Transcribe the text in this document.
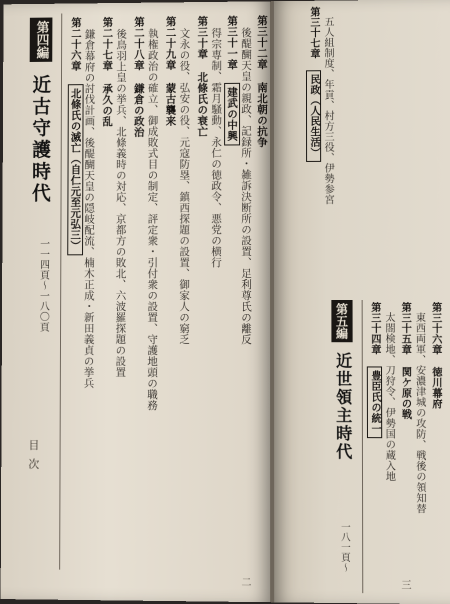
第四編
近古守護時代
一一四頁〜一八〇頁
第二十六章 北條氏の滅亡（自仁元至元弘三） 鎌倉幕府の討伐計画、後醍醐天皇の隠岐配流、楠木正成・新田義貞の挙兵 第二十七章 承久の乱 後鳥羽上皇の挙兵、北條義時の対応、京都方の敗北、六波羅探題の設置 第二十八章 鎌倉の政治 執権政治の確立、御成敗式目の制定、評定衆・引付衆の設置、守護地頭の職務 第二十九章 蒙古襲来 文永の役、弘安の役、元寇防塁、鎮西探題の設置、御家人の窮乏 第三十章 北條氏の衰亡 得宗専制、霜月騒動、永仁の徳政令、悪党の横行 第三十一章 建武の中興 後醍醐天皇の親政、記録所・雑訴決断所の設置、足利尊氏の離反 第三十二章 南北朝の抗争
目次
二
第五編
近世領主時代
一八一頁〜
第三十四章 豊臣氏の統一 太閤検地、刀狩令、伊勢国の蔵入地 第三十五章 関ケ原の戦 東西両軍、安濃津城の攻防、戦後の領知替 第三十六章 徳川幕府
第三十七章 民政（人民生活） 五人組制度、年貢、村方三役、伊勢参宮
三
